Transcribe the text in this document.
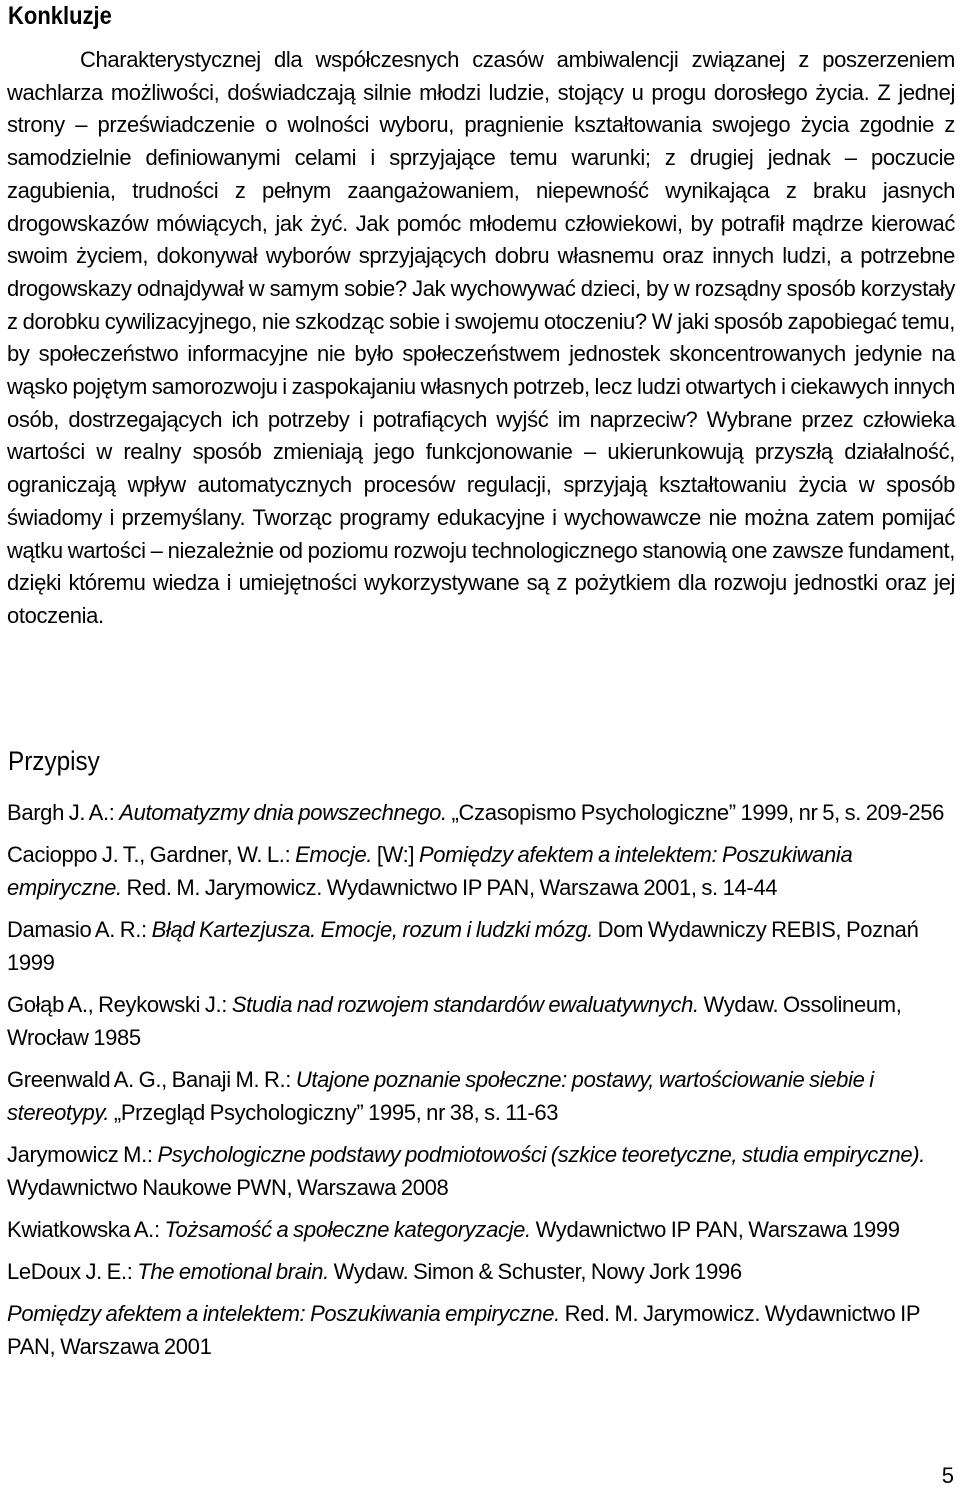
Konkluzje

Charakterystycznej dla współczesnych czasów ambiwalencji związanej z poszerzeniem wachlarza możliwości, doświadczają silnie młodzi ludzie, stojący u progu dorosłego życia. Z jednej strony – przeświadczenie o wolności wyboru, pragnienie kształtowania swojego życia zgodnie z samodzielnie definiowanymi celami i sprzyjające temu warunki; z drugiej jednak – poczucie zagubienia, trudności z pełnym zaangażowaniem, niepewność wynikająca z braku jasnych drogowskazów mówiących, jak żyć. Jak pomóc młodemu człowiekowi, by potrafił mądrze kierować swoim życiem, dokonywał wyborów sprzyjających dobru własnemu oraz innych ludzi, a potrzebne drogowskazy odnajdywał w samym sobie? Jak wychowywać dzieci, by w rozsądny sposób korzystały z dorobku cywilizacyjnego, nie szkodząc sobie i swojemu otoczeniu? W jaki sposób zapobiegać temu, by społeczeństwo informacyjne nie było społeczeństwem jednostek skoncentrowanych jedynie na wąsko pojętym samorozwoju i zaspokajaniu własnych potrzeb, lecz ludzi otwartych i ciekawych innych osób, dostrzegających ich potrzeby i potrafiących wyjść im naprzeciw? Wybrane przez człowieka wartości w realny sposób zmieniają jego funkcjonowanie – ukierunkowują przyszłą działalność, ograniczają wpływ automatycznych procesów regulacji, sprzyjają kształtowaniu życia w sposób świadomy i przemyślany. Tworząc programy edukacyjne i wychowawcze nie można zatem pomijać wątku wartości – niezależnie od poziomu rozwoju technologicznego stanowią one zawsze fundament, dzięki któremu wiedza i umiejętności wykorzystywane są z pożytkiem dla rozwoju jednostki oraz jej otoczenia.

Przypisy
Bargh J. A.: Automatyzmy dnia powszechnego. „Czasopismo Psychologiczne” 1999, nr 5, s. 209-256
Cacioppo J. T., Gardner, W. L.: Emocje. [W:] Pomiędzy afektem a intelektem: Poszukiwania empiryczne. Red. M. Jarymowicz. Wydawnictwo IP PAN, Warszawa 2001, s. 14-44
Damasio A. R.: Błąd Kartezjusza. Emocje, rozum i ludzki mózg. Dom Wydawniczy REBIS, Poznań 1999
Gołąb A., Reykowski J.: Studia nad rozwojem standardów ewaluatywnych. Wydaw. Ossolineum, Wrocław 1985
Greenwald A. G., Banaji M. R.: Utajone poznanie społeczne: postawy, wartościowanie siebie i stereotypy. „Przegląd Psychologiczny” 1995, nr 38, s. 11-63
Jarymowicz M.: Psychologiczne podstawy podmiotowości (szkice teoretyczne, studia empiryczne). Wydawnictwo Naukowe PWN, Warszawa 2008
Kwiatkowska A.: Tożsamość a społeczne kategoryzacje. Wydawnictwo IP PAN, Warszawa 1999
LeDoux J. E.: The emotional brain. Wydaw. Simon & Schuster, Nowy Jork 1996
Pomiędzy afektem a intelektem: Poszukiwania empiryczne. Red. M. Jarymowicz. Wydawnictwo IP PAN, Warszawa 2001
5
